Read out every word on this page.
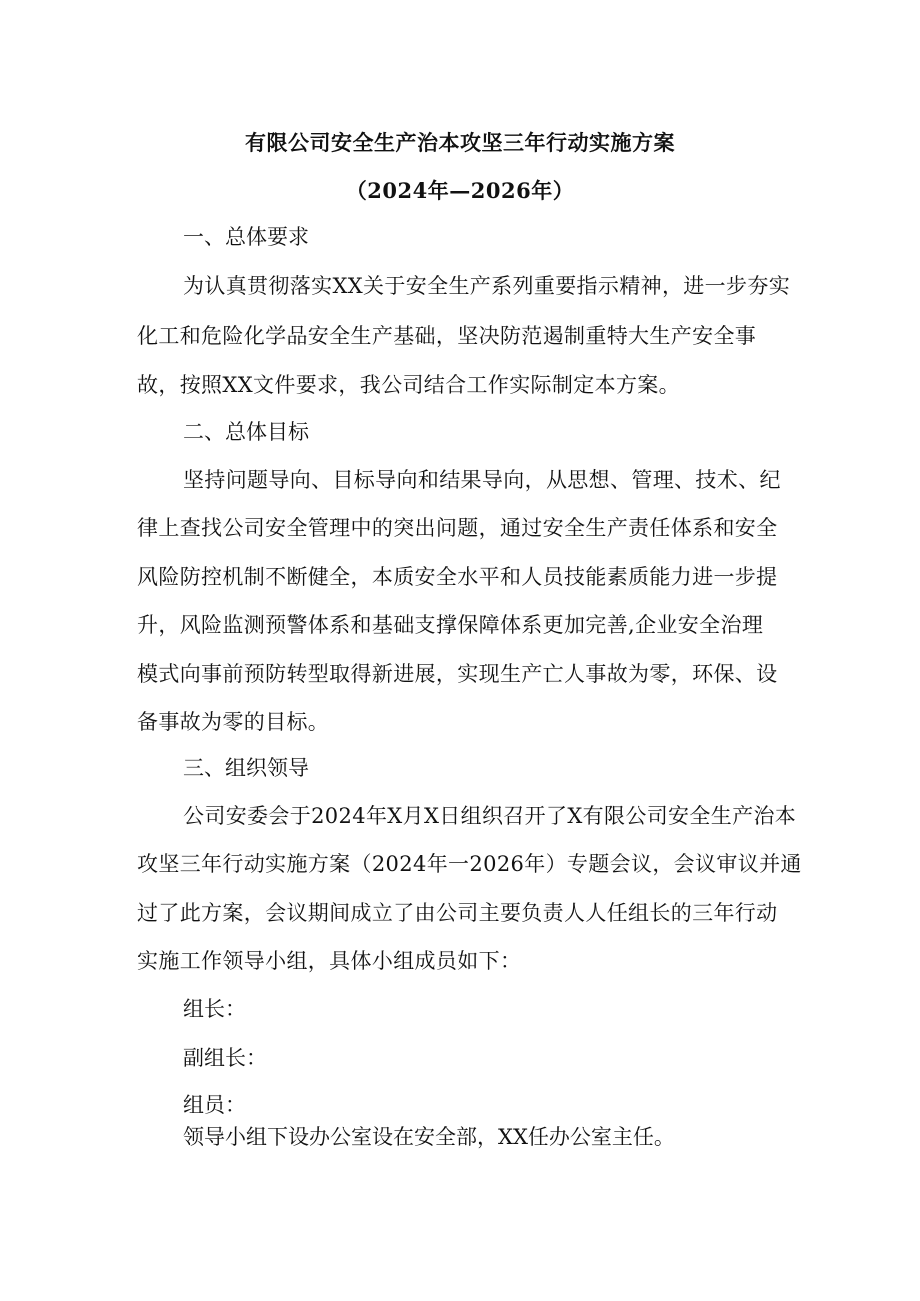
有限公司安全生产治本攻坚三年行动实施方案
（2024年—2026年）
一、总体要求
为认真贯彻落实XX关于安全生产系列重要指示精神，进一步夯实
化工和危险化学品安全生产基础，坚决防范遏制重特大生产安全事
故，按照XX文件要求，我公司结合工作实际制定本方案。
二、总体目标
坚持问题导向、目标导向和结果导向，从思想、管理、技术、纪
律上查找公司安全管理中的突出问题，通过安全生产责任体系和安全
风险防控机制不断健全，本质安全水平和人员技能素质能力进一步提
升，风险监测预警体系和基础支撑保障体系更加完善,企业安全治理
模式向事前预防转型取得新进展，实现生产亡人事故为零，环保、设
备事故为零的目标。
三、组织领导
公司安委会于2024年X月X日组织召开了X有限公司安全生产治本
攻坚三年行动实施方案（2024年一2026年）专题会议，会议审议并通
过了此方案，会议期间成立了由公司主要负责人人任组长的三年行动
实施工作领导小组，具体小组成员如下：
组长：
副组长：
组员：
领导小组下设办公室设在安全部，XX任办公室主任。
